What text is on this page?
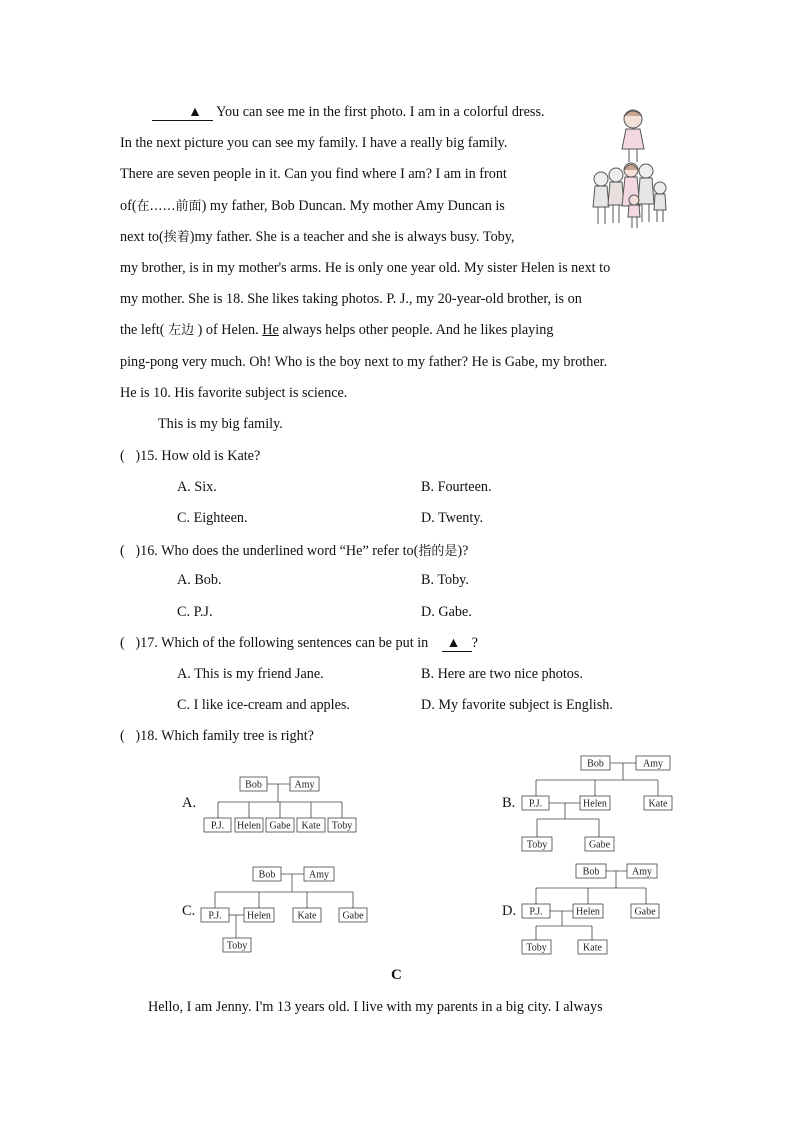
▲ You can see me in the first photo. I am in a colorful dress.

In the next picture you can see my family. I have a really big family.

There are seven people in it. Can you find where I am? I am in front

of(在……前面) my father, Bob Duncan. My mother Amy Duncan is

next to(挨着)my father. She is a teacher and she is always busy. Toby,

my brother, is in my mother's arms. He is only one year old. My sister Helen is next to

my mother. She is 18. She likes taking photos. P. J., my 20-year-old brother, is on

the left( 左边 ) of Helen. He always helps other people. And he likes playing

ping-pong very much. Oh! Who is the boy next to my father? He is Gabe, my brother.

He is 10. His favorite subject is science.

This is my big family.

(   )15. How old is Kate?
A. Six.	B. Fourteen.
C. Eighteen.	D. Twenty.
(   )16. Who does the underlined word “He” refer to(指的是)?
A. Bob.	B. Toby.
C. P.J.	D. Gabe.
(   )17. Which of the following sentences can be put in ▲ ?
A. This is my friend Jane.	B. Here are two nice photos.
C. I like ice-cream and apples.	D. My favorite subject is English.
(   )18. Which family tree is right?
A.
Bob	Amy
P.J. Helen Gabe Kate Toby
B.
Bob	Amy
P.J.	Helen	Kate
Toby	Gabe
C.
Bob	Amy
P.J.	Helen	Kate	Gabe
Toby
D.
Bob	Amy
P.J.	Helen	Gabe
Toby	Kate
C
Hello, I am Jenny. I'm 13 years old. I live with my parents in a big city. I always
